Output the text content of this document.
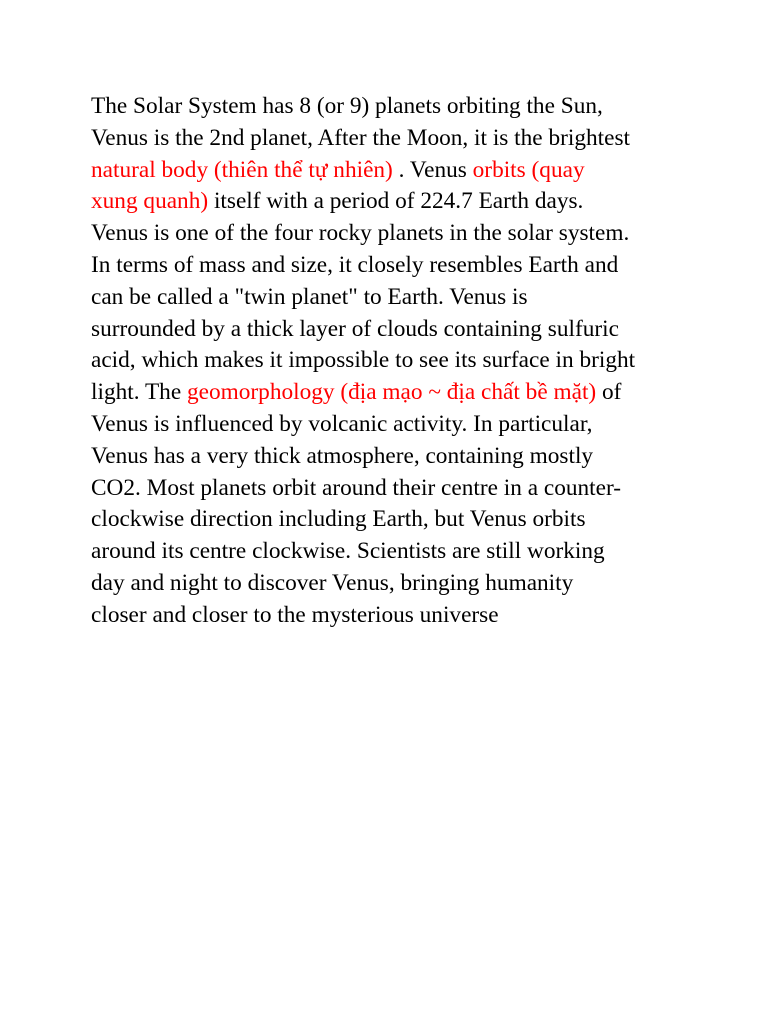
The Solar System has 8 (or 9) planets orbiting the Sun,
Venus is the 2nd planet, After the Moon, it is the brightest
natural body (thiên thể tự nhiên) . Venus orbits (quay
xung quanh) itself with a period of 224.7 Earth days.
Venus is one of the four rocky planets in the solar system.
In terms of mass and size, it closely resembles Earth and
can be called a "twin planet" to Earth. Venus is
surrounded by a thick layer of clouds containing sulfuric
acid, which makes it impossible to see its surface in bright
light. The geomorphology (địa mạo ~ địa chất bề mặt) of
Venus is influenced by volcanic activity. In particular,
Venus has a very thick atmosphere, containing mostly
CO2. Most planets orbit around their centre in a counter-
clockwise direction including Earth, but Venus orbits
around its centre clockwise. Scientists are still working
day and night to discover Venus, bringing humanity
closer and closer to the mysterious universe
